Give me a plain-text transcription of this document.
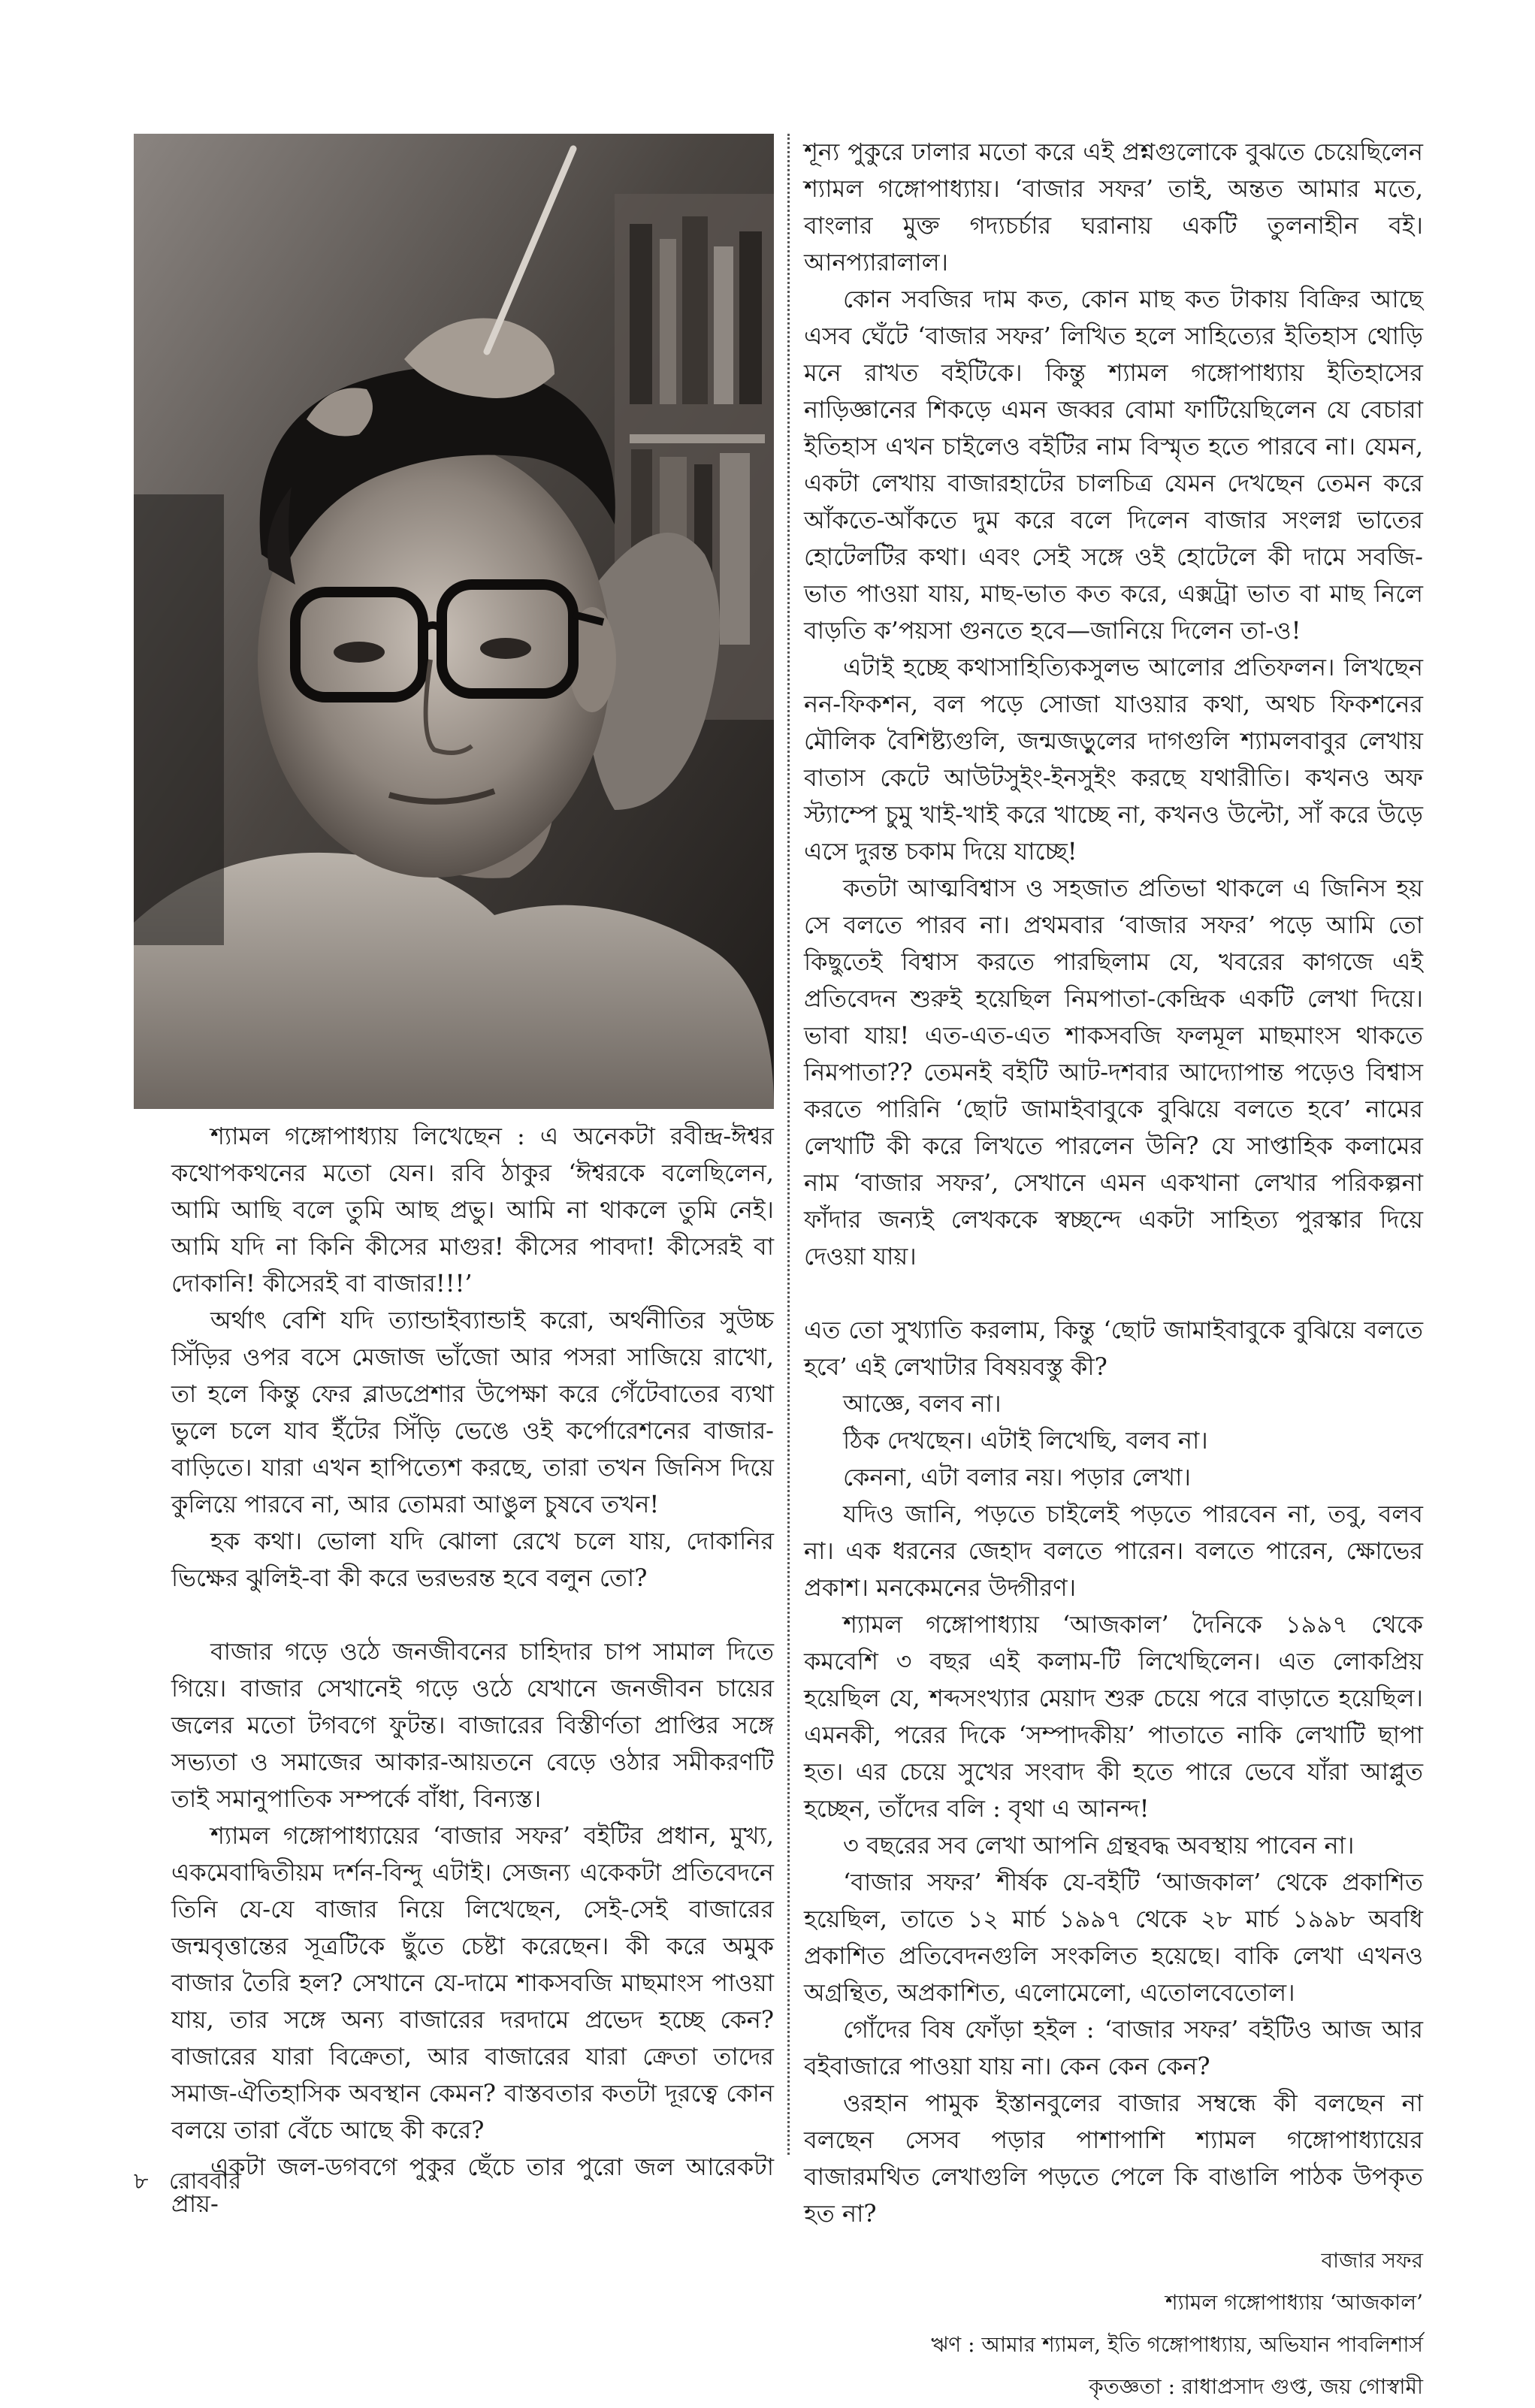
শ্যামল গঙ্গোপাধ্যায় লিখেছেন : এ অনেকটা রবীন্দ্র-ঈশ্বর কথোপকথনের মতো যেন। রবি ঠাকুর ‘ঈশ্বরকে বলেছিলেন, আমি আছি বলে তুমি আছ প্রভু। আমি না থাকলে তুমি নেই। আমি যদি না কিনি কীসের মাগুর! কীসের পাবদা! কীসেরই বা দোকানি! কীসেরই বা বাজার!!!’

অর্থাৎ বেশি যদি ত্যান্ডাইব্যান্ডাই করো, অর্থনীতির সুউচ্চ সিঁড়ির ওপর বসে মেজাজ ভাঁজো আর পসরা সাজিয়ে রাখো, তা হলে কিন্তু ফের ব্লাডপ্রেশার উপেক্ষা করে গেঁটেবাতের ব্যথা ভুলে চলে যাব ইঁটের সিঁড়ি ভেঙে ওই কর্পোরেশনের বাজার-বাড়িতে। যারা এখন হাপিত্যেশ করছে, তারা তখন জিনিস দিয়ে কুলিয়ে পারবে না, আর তোমরা আঙুল চুষবে তখন!

হক কথা। ভোলা যদি ঝোলা রেখে চলে যায়, দোকানির ভিক্ষের ঝুলিই-বা কী করে ভরভরন্ত হবে বলুন তো?

বাজার গড়ে ওঠে জনজীবনের চাহিদার চাপ সামাল দিতে গিয়ে। বাজার সেখানেই গড়ে ওঠে যেখানে জনজীবন চায়ের জলের মতো টগবগে ফুটন্ত। বাজারের বিস্তীর্ণতা প্রাপ্তির সঙ্গে সভ্যতা ও সমাজের আকার-আয়তনে বেড়ে ওঠার সমীকরণটি তাই সমানুপাতিক সম্পর্কে বাঁধা, বিন্যস্ত।

শ্যামল গঙ্গোপাধ্যায়ের ‘বাজার সফর’ বইটির প্রধান, মুখ্য, একমেবাদ্বিতীয়ম দর্শন-বিন্দু এটাই। সেজন্য একেকটা প্রতিবেদনে তিনি যে-যে বাজার নিয়ে লিখেছেন, সেই-সেই বাজারের জন্মবৃত্তান্তের সূত্রটিকে ছুঁতে চেষ্টা করেছেন। কী করে অমুক বাজার তৈরি হল? সেখানে যে-দামে শাকসবজি মাছমাংস পাওয়া যায়, তার সঙ্গে অন্য বাজারের দরদামে প্রভেদ হচ্ছে কেন? বাজারের যারা বিক্রেতা, আর বাজারের যারা ক্রেতা তাদের সমাজ-ঐতিহাসিক অবস্থান কেমন? বাস্তবতার কতটা দূরত্বে কোন বলয়ে তারা বেঁচে আছে কী করে?

একটা জল-ডগবগে পুকুর ছেঁচে তার পুরো জল আরেকটা প্রায়-

শূন্য পুকুরে ঢালার মতো করে এই প্রশ্নগুলোকে বুঝতে চেয়েছিলেন শ্যামল গঙ্গোপাধ্যায়। ‘বাজার সফর’ তাই, অন্তত আমার মতে, বাংলার মুক্ত গদ্যচর্চার ঘরানায় একটি তুলনাহীন বই। আনপ্যারালাল।

কোন সবজির দাম কত, কোন মাছ কত টাকায় বিক্রির আছে এসব ঘেঁটে ‘বাজার সফর’ লিখিত হলে সাহিত্যের ইতিহাস থোড়ি মনে রাখত বইটিকে। কিন্তু শ্যামল গঙ্গোপাধ্যায় ইতিহাসের নাড়িজ্ঞানের শিকড়ে এমন জব্বর বোমা ফাটিয়েছিলেন যে বেচারা ইতিহাস এখন চাইলেও বইটির নাম বিস্মৃত হতে পারবে না। যেমন, একটা লেখায় বাজারহাটের চালচিত্র যেমন দেখছেন তেমন করে আঁকতে-আঁকতে দুম করে বলে দিলেন বাজার সংলগ্ন ভাতের হোটেলটির কথা। এবং সেই সঙ্গে ওই হোটেলে কী দামে সবজি-ভাত পাওয়া যায়, মাছ-ভাত কত করে, এক্সট্রা ভাত বা মাছ নিলে বাড়তি ক’পয়সা গুনতে হবে—জানিয়ে দিলেন তা-ও!

এটাই হচ্ছে কথাসাহিত্যিকসুলভ আলোর প্রতিফলন। লিখছেন নন-ফিকশন, বল পড়ে সোজা যাওয়ার কথা, অথচ ফিকশনের মৌলিক বৈশিষ্ট্যগুলি, জন্মজড়ুলের দাগগুলি শ্যামলবাবুর লেখায় বাতাস কেটে আউটসুইং-ইনসুইং করছে যথারীতি। কখনও অফ স্ট্যাম্পে চুমু খাই-খাই করে খাচ্ছে না, কখনও উল্টো, সাঁ করে উড়ে এসে দুরন্ত চকাম দিয়ে যাচ্ছে!

কতটা আত্মবিশ্বাস ও সহজাত প্রতিভা থাকলে এ জিনিস হয় সে বলতে পারব না। প্রথমবার ‘বাজার সফর’ পড়ে আমি তো কিছুতেই বিশ্বাস করতে পারছিলাম যে, খবরের কাগজে এই প্রতিবেদন শুরুই হয়েছিল নিমপাতা-কেন্দ্রিক একটি লেখা দিয়ে। ভাবা যায়! এত-এত-এত শাকসবজি ফলমূল মাছমাংস থাকতে নিমপাতা?? তেমনই বইটি আট-দশবার আদ্যোপান্ত পড়েও বিশ্বাস করতে পারিনি ‘ছোট জামাইবাবুকে বুঝিয়ে বলতে হবে’ নামের লেখাটি কী করে লিখতে পারলেন উনি? যে সাপ্তাহিক কলামের নাম ‘বাজার সফর’, সেখানে এমন একখানা লেখার পরিকল্পনা ফাঁদার জন্যই লেখককে স্বচ্ছন্দে একটা সাহিত্য পুরস্কার দিয়ে দেওয়া যায়।

এত তো সুখ্যাতি করলাম, কিন্তু ‘ছোট জামাইবাবুকে বুঝিয়ে বলতে হবে’ এই লেখাটার বিষয়বস্তু কী?

আজ্ঞে, বলব না।

ঠিক দেখছেন। এটাই লিখেছি, বলব না।

কেননা, এটা বলার নয়। পড়ার লেখা।

যদিও জানি, পড়তে চাইলেই পড়তে পারবেন না, তবু, বলব না। এক ধরনের জেহাদ বলতে পারেন। বলতে পারেন, ক্ষোভের প্রকাশ। মনকেমনের উদ্গীরণ।

শ্যামল গঙ্গোপাধ্যায় ‘আজকাল’ দৈনিকে ১৯৯৭ থেকে কমবেশি ৩ বছর এই কলাম-টি লিখেছিলেন। এত লোকপ্রিয় হয়েছিল যে, শব্দসংখ্যার মেয়াদ শুরু চেয়ে পরে বাড়াতে হয়েছিল। এমনকী, পরের দিকে ‘সম্পাদকীয়’ পাতাতে নাকি লেখাটি ছাপা হত। এর চেয়ে সুখের সংবাদ কী হতে পারে ভেবে যাঁরা আপ্লুত হচ্ছেন, তাঁদের বলি : বৃথা এ আনন্দ!

৩ বছরের সব লেখা আপনি গ্রন্থবদ্ধ অবস্থায় পাবেন না।

‘বাজার সফর’ শীর্ষক যে-বইটি ‘আজকাল’ থেকে প্রকাশিত হয়েছিল, তাতে ১২ মার্চ ১৯৯৭ থেকে ২৮ মার্চ ১৯৯৮ অবধি প্রকাশিত প্রতিবেদনগুলি সংকলিত হয়েছে। বাকি লেখা এখনও অগ্রন্থিত, অপ্রকাশিত, এলোমেলো, এতোলবেতোল।

গোঁদের বিষ ফোঁড়া হইল : ‘বাজার সফর’ বইটিও আজ আর বইবাজারে পাওয়া যায় না। কেন কেন কেন?

ওরহান পামুক ইস্তানবুলের বাজার সম্বন্ধে কী বলছেন না বলছেন সেসব পড়ার পাশাপাশি শ্যামল গঙ্গোপাধ্যায়ের বাজারমথিত লেখাগুলি পড়তে পেলে কি বাঙালি পাঠক উপকৃত হত না?

বাজার সফর
শ্যামল গঙ্গোপাধ্যায় ‘আজকাল’
ঋণ : আমার শ্যামল, ইতি গঙ্গোপাধ্যায়, অভিযান পাবলিশার্স
কৃতজ্ঞতা : রাধাপ্রসাদ গুপ্ত, জয় গোস্বামী
৮ রোববার
